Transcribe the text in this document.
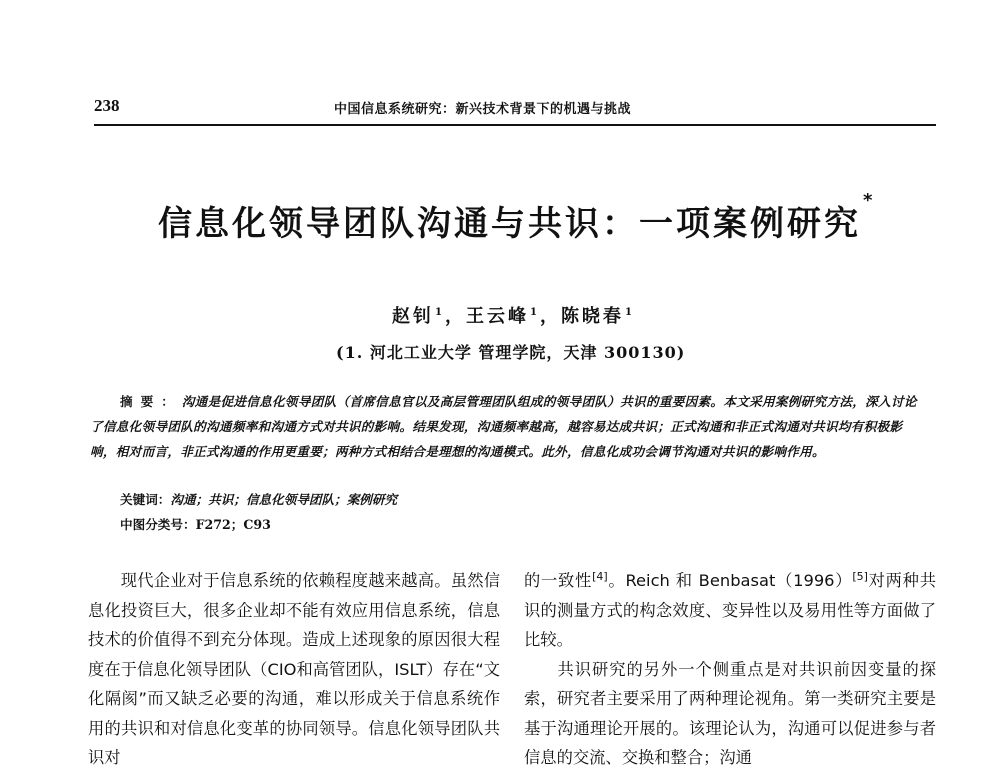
238	中国信息系统研究：新兴技术背景下的机遇与挑战
信息化领导团队沟通与共识：一项案例研究*
赵钊$^1$，王云峰$^1$，陈晓春$^1$
(1. 河北工业大学 管理学院，天津 300130)
摘要：沟通是促进信息化领导团队（首席信息官以及高层管理团队组成的领导团队）共识的重要因素。本文采用案例研究方法，深入讨论了信息化领导团队的沟通频率和沟通方式对共识的影响。结果发现，沟通频率越高，越容易达成共识；正式沟通和非正式沟通对共识均有积极影响，相对而言，非正式沟通的作用更重要；两种方式相结合是理想的沟通模式。此外，信息化成功会调节沟通对共识的影响作用。
关键词：沟通；共识；信息化领导团队；案例研究
中图分类号：F272；C93

现代企业对于信息系统的依赖程度越来越高。虽然信息化投资巨大，很多企业却不能有效应用信息系统，信息技术的价值得不到充分体现。造成上述现象的原因很大程度在于信息化领导团队（CIO和高管团队，ISLT）存在“文化隔阂”而又缺乏必要的沟通，难以形成关于信息系统作用的共识和对信息化变革的协同领导。信息化领导团队共识对

的一致性[4]。Reich 和 Benbasat（1996）[5]对两种共识的测量方式的构念效度、变异性以及易用性等方面做了比较。

共识研究的另外一个侧重点是对共识前因变量的探索，研究者主要采用了两种理论视角。第一类研究主要是基于沟通理论开展的。该理论认为，沟通可以促进参与者信息的交流、交换和整合；沟通
